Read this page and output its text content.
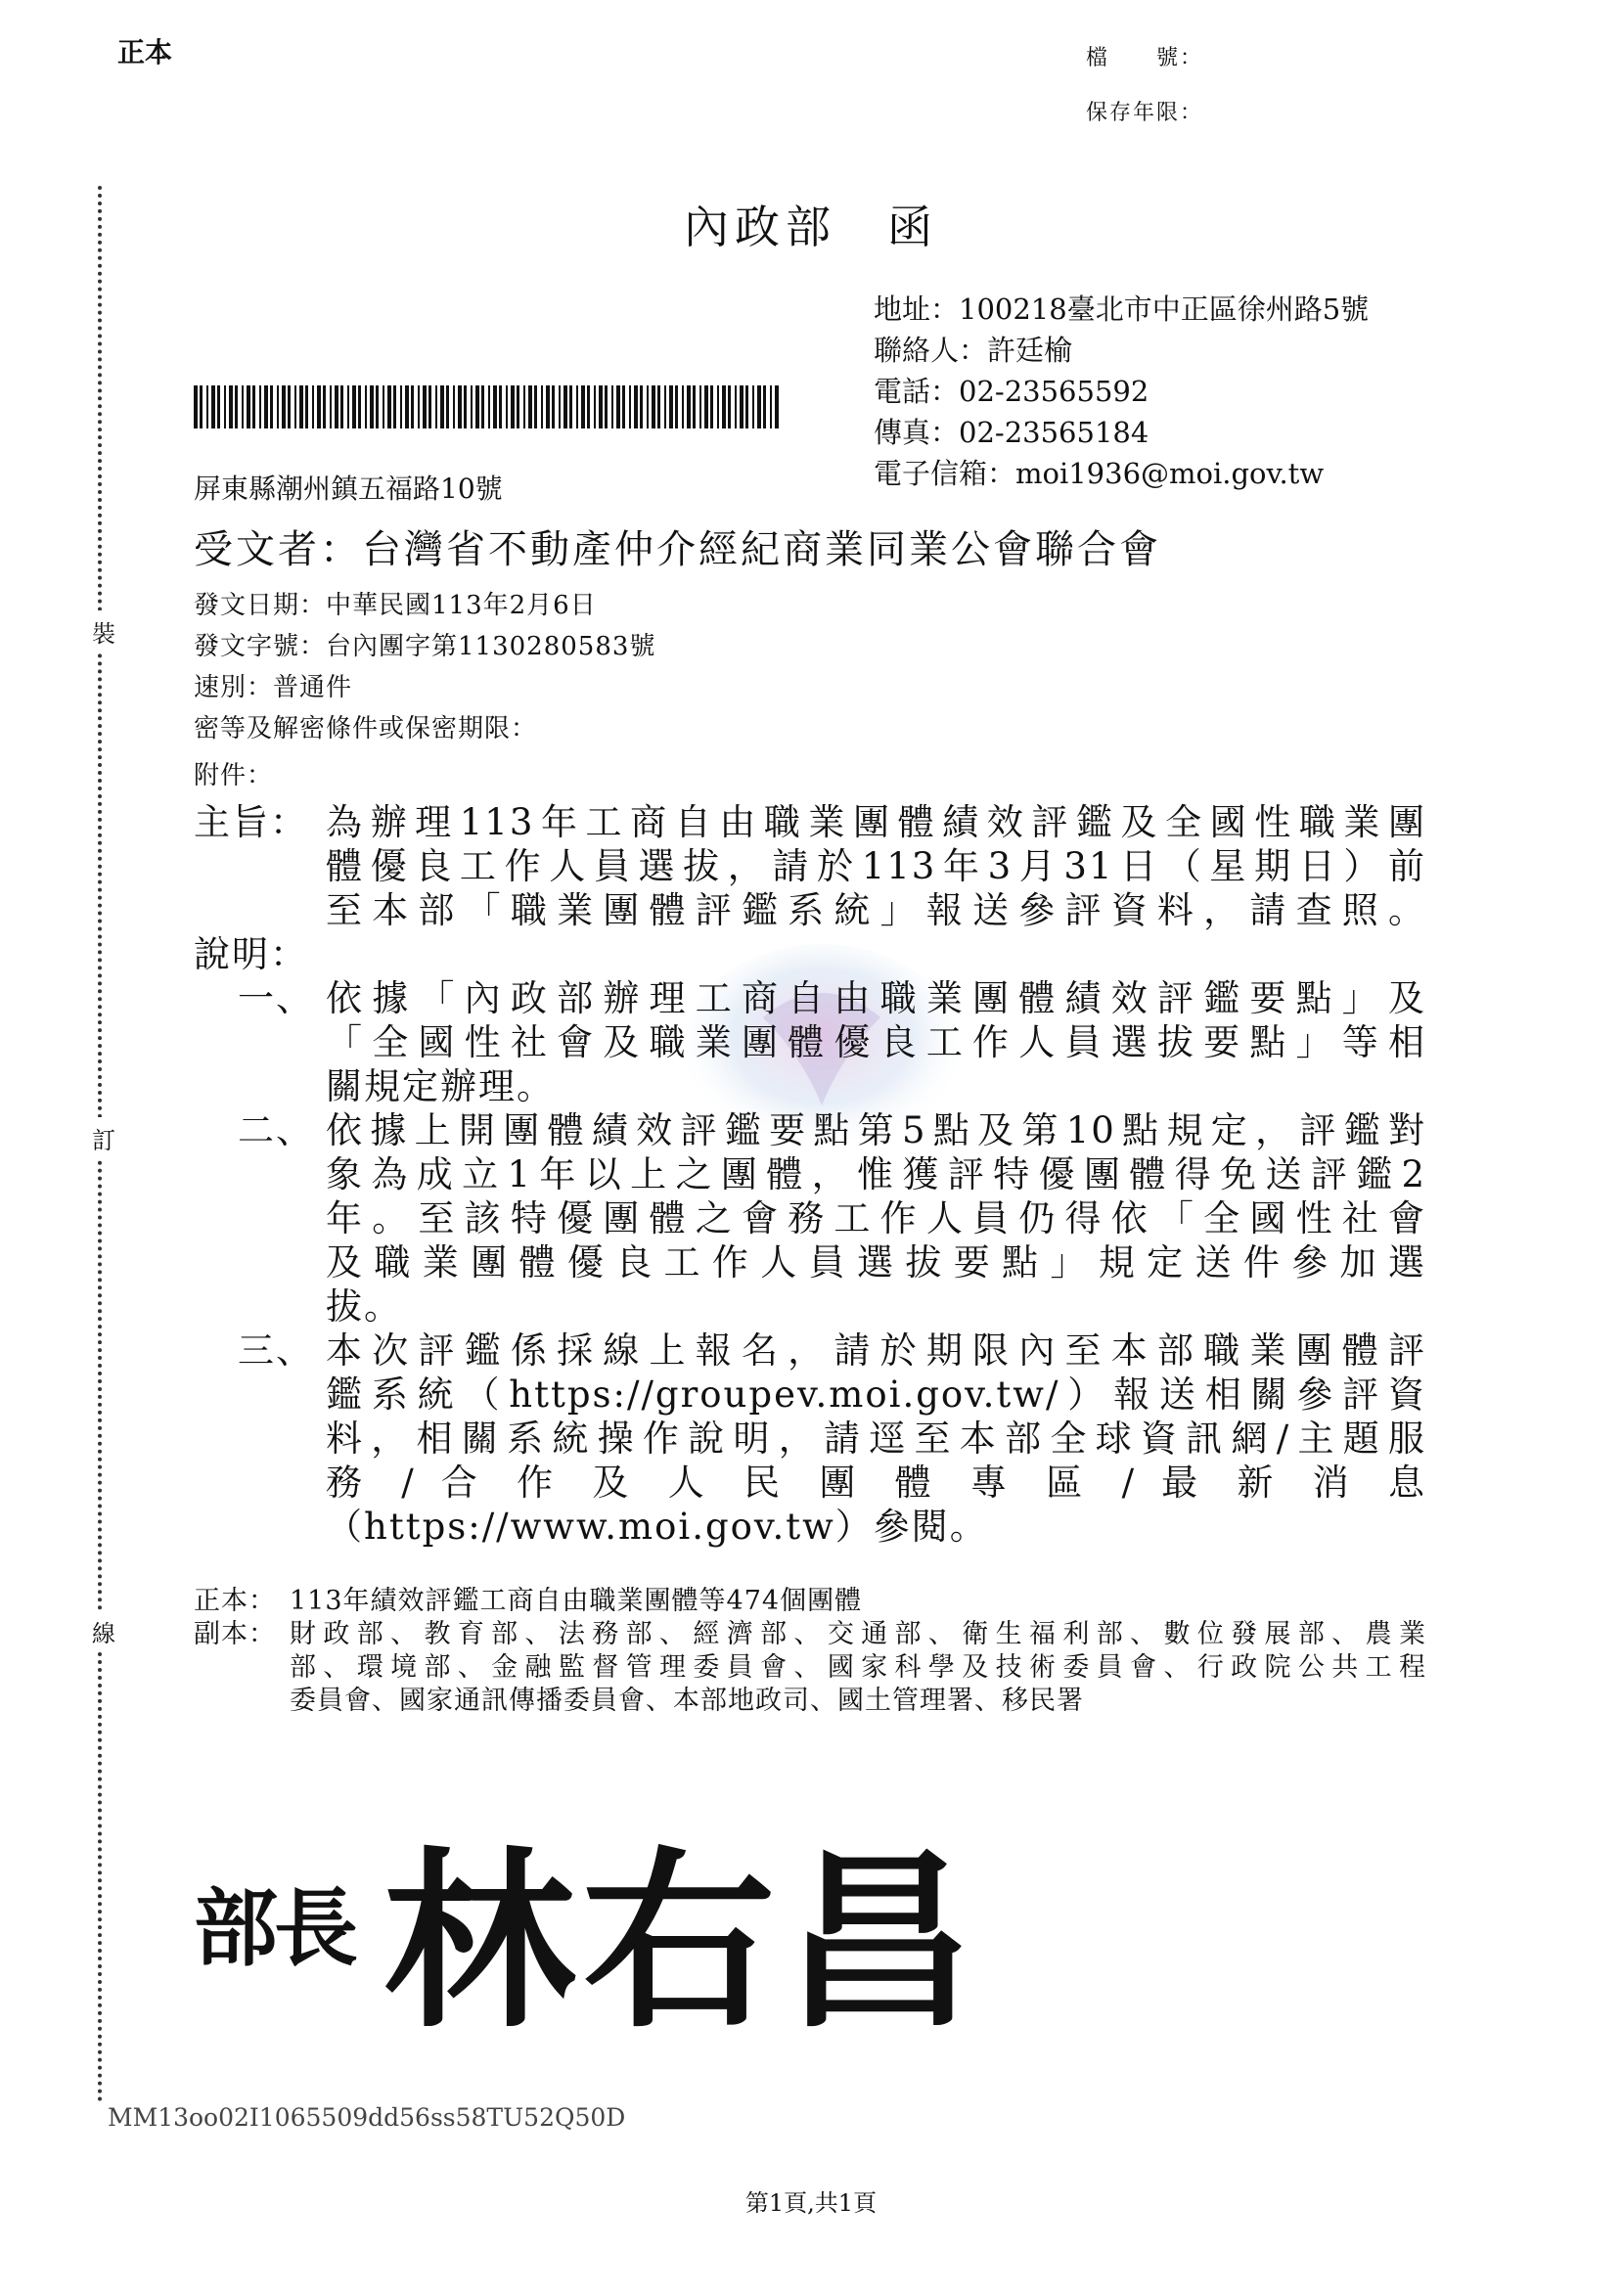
正本	檔　　號：
保存年限：
裝
訂
線
內政部 函
地址：100218臺北市中正區徐州路5號
聯絡人：許廷榆
電話：02-23565592
傳真：02-23565184
電子信箱：moi1936@moi.gov.tw
屏東縣潮州鎮五福路10號
受文者：台灣省不動產仲介經紀商業同業公會聯合會
發文日期：中華民國113年2月6日
發文字號：台內團字第1130280583號
速別：普通件
密等及解密條件或保密期限：
附件：
主旨： 為辦理113年工商自由職業團體績效評鑑及全國性職業團
體優良工作人員選拔，請於113年3月31日（星期日）前
至本部「職業團體評鑑系統」報送參評資料，請查照。
說明：
一、 依據「內政部辦理工商自由職業團體績效評鑑要點」及
「全國性社會及職業團體優良工作人員選拔要點」等相
關規定辦理。
二、 依據上開團體績效評鑑要點第5點及第10點規定，評鑑對
象為成立1年以上之團體，惟獲評特優團體得免送評鑑2
年。至該特優團體之會務工作人員仍得依「全國性社會
及職業團體優良工作人員選拔要點」規定送件參加選
拔。
三、 本次評鑑係採線上報名，請於期限內至本部職業團體評
鑑系統（https://groupev.moi.gov.tw/）報送相關參評資
料，相關系統操作說明，請逕至本部全球資訊網/主題服
務 / 合 作 及 人 民 團 體 專 區 / 最 新 消 息
（https://www.moi.gov.tw）參閱。
正本： 113年績效評鑑工商自由職業團體等474個團體
副本： 財政部、教育部、法務部、經濟部、交通部、衛生福利部、數位發展部、農業
部、環境部、金融監督管理委員會、國家科學及技術委員會、行政院公共工程
委員會、國家通訊傳播委員會、本部地政司、國土管理署、移民署
部長 林右昌
MM13oo02I1065509dd56ss58TU52Q50D
第1頁,共1頁
